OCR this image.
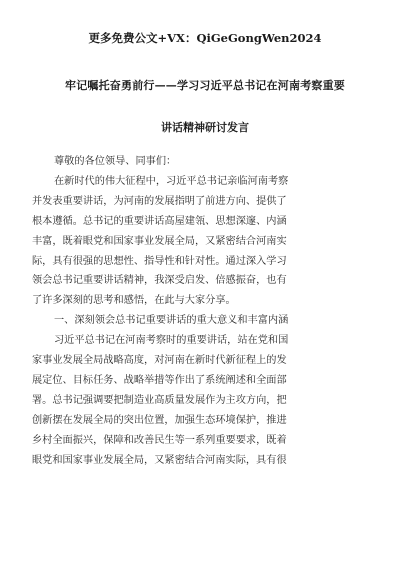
更多免费公文+VX：QiGeGongWen2024
牢记嘱托奋勇前行——学习习近平总书记在河南考察重要
讲话精神研讨发言
尊敬的各位领导、同事们：
在新时代的伟大征程中，习近平总书记亲临河南考察
并发表重要讲话，为河南的发展指明了前进方向、提供了
根本遵循。总书记的重要讲话高屋建瓴、思想深邃、内涵
丰富，既着眼党和国家事业发展全局，又紧密结合河南实
际，具有很强的思想性、指导性和针对性。通过深入学习
领会总书记重要讲话精神，我深受启发、倍感振奋，也有
了许多深刻的思考和感悟，在此与大家分享。
一、深刻领会总书记重要讲话的重大意义和丰富内涵
习近平总书记在河南考察时的重要讲话，站在党和国
家事业发展全局战略高度，对河南在新时代新征程上的发
展定位、目标任务、战略举措等作出了系统阐述和全面部
署。总书记强调要把制造业高质量发展作为主攻方向，把
创新摆在发展全局的突出位置，加强生态环境保护，推进
乡村全面振兴，保障和改善民生等一系列重要要求，既着
眼党和国家事业发展全局，又紧密结合河南实际，具有很
